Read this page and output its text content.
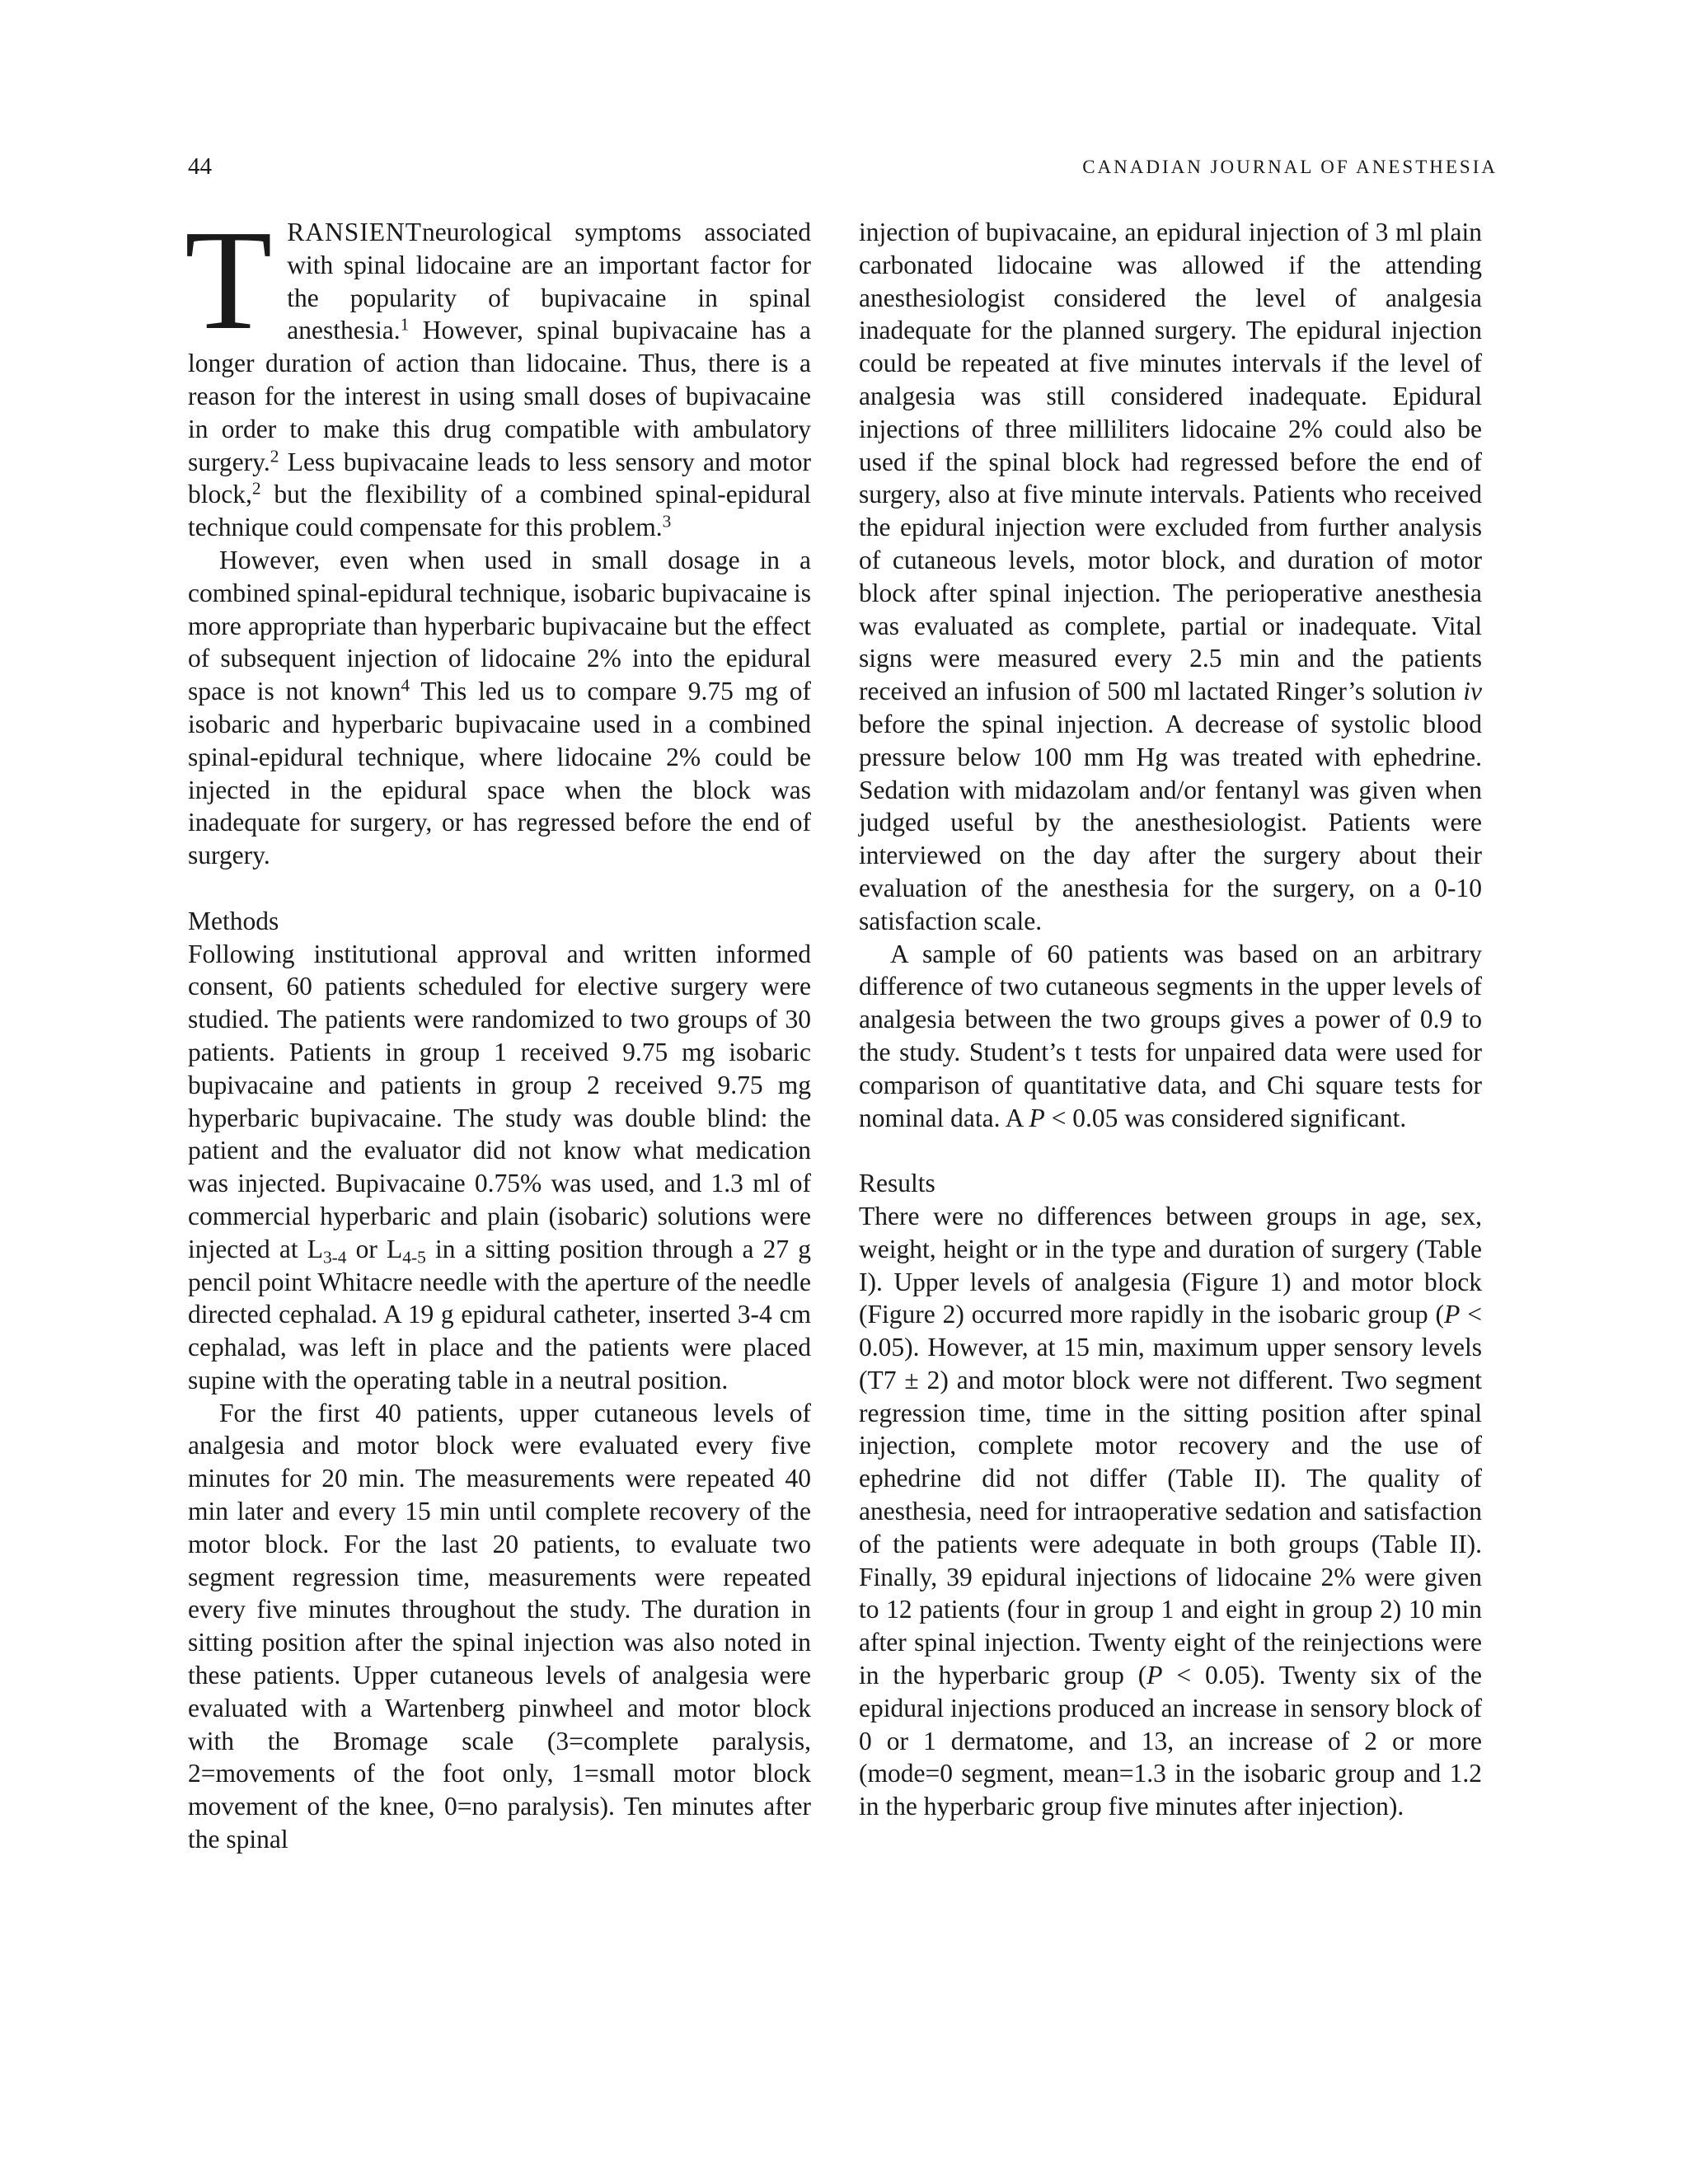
44	CANADIAN JOURNAL OF ANESTHESIA

TRANSIENTneurological symptoms associated with spinal lidocaine are an important factor for the popularity of bupivacaine in spinal anesthesia.$^1$ However, spinal bupivacaine has a longer duration of action than lidocaine. Thus, there is a reason for the interest in using small doses of bupivacaine in order to make this drug compatible with ambulatory surgery.$^2$ Less bupivacaine leads to less sensory and motor block,$^2$ but the flexibility of a combined spinal-epidural technique could compensate for this problem.$^3$

However, even when used in small dosage in a combined spinal-epidural technique, isobaric bupivacaine is more appropriate than hyperbaric bupivacaine but the effect of subsequent injection of lidocaine 2% into the epidural space is not known$^4$ This led us to compare 9.75 mg of isobaric and hyperbaric bupivacaine used in a combined spinal-epidural technique, where lidocaine 2% could be injected in the epidural space when the block was inadequate for surgery, or has regressed before the end of surgery.

Methods

Following institutional approval and written informed consent, 60 patients scheduled for elective surgery were studied. The patients were randomized to two groups of 30 patients. Patients in group 1 received 9.75 mg isobaric bupivacaine and patients in group 2 received 9.75 mg hyperbaric bupivacaine. The study was double blind: the patient and the evaluator did not know what medication was injected. Bupivacaine 0.75% was used, and 1.3 ml of commercial hyperbaric and plain (isobaric) solutions were injected at $L_{3-4}$ or $L_{4-5}$ in a sitting position through a 27 g pencil point Whitacre needle with the aperture of the needle directed cephalad. A 19 g epidural catheter, inserted 3-4 cm cephalad, was left in place and the patients were placed supine with the operating table in a neutral position.

For the first 40 patients, upper cutaneous levels of analgesia and motor block were evaluated every five minutes for 20 min. The measurements were repeated 40 min later and every 15 min until complete recovery of the motor block. For the last 20 patients, to evaluate two segment regression time, measurements were repeated every five minutes throughout the study. The duration in sitting position after the spinal injection was also noted in these patients. Upper cutaneous levels of analgesia were evaluated with a Wartenberg pinwheel and motor block with the Bromage scale (3=complete paralysis, 2=movements of the foot only, 1=small motor block movement of the knee, 0=no paralysis). Ten minutes after the spinal

injection of bupivacaine, an epidural injection of 3 ml plain carbonated lidocaine was allowed if the attending anesthesiologist considered the level of analgesia inadequate for the planned surgery. The epidural injection could be repeated at five minutes intervals if the level of analgesia was still considered inadequate. Epidural injections of three milliliters lidocaine 2% could also be used if the spinal block had regressed before the end of surgery, also at five minute intervals. Patients who received the epidural injection were excluded from further analysis of cutaneous levels, motor block, and duration of motor block after spinal injection. The perioperative anesthesia was evaluated as complete, partial or inadequate. Vital signs were measured every 2.5 min and the patients received an infusion of 500 ml lactated Ringer’s solution iv before the spinal injection. A decrease of systolic blood pressure below 100 mm Hg was treated with ephedrine. Sedation with midazolam and/or fentanyl was given when judged useful by the anesthesiologist. Patients were interviewed on the day after the surgery about their evaluation of the anesthesia for the surgery, on a 0-10 satisfaction scale.

A sample of 60 patients was based on an arbitrary difference of two cutaneous segments in the upper levels of analgesia between the two groups gives a power of 0.9 to the study. Student’s t tests for unpaired data were used for comparison of quantitative data, and Chi square tests for nominal data. A P < 0.05 was considered significant.

Results

There were no differences between groups in age, sex, weight, height or in the type and duration of surgery (Table I). Upper levels of analgesia (Figure 1) and motor block (Figure 2) occurred more rapidly in the isobaric group (P < 0.05). However, at 15 min, maximum upper sensory levels (T7 ± 2) and motor block were not different. Two segment regression time, time in the sitting position after spinal injection, complete motor recovery and the use of ephedrine did not differ (Table II). The quality of anesthesia, need for intraoperative sedation and satisfaction of the patients were adequate in both groups (Table II). Finally, 39 epidural injections of lidocaine 2% were given to 12 patients (four in group 1 and eight in group 2) 10 min after spinal injection. Twenty eight of the reinjections were in the hyperbaric group (P < 0.05). Twenty six of the epidural injections produced an increase in sensory block of 0 or 1 dermatome, and 13, an increase of 2 or more (mode=0 segment, mean=1.3 in the isobaric group and 1.2 in the hyperbaric group five minutes after injection).
